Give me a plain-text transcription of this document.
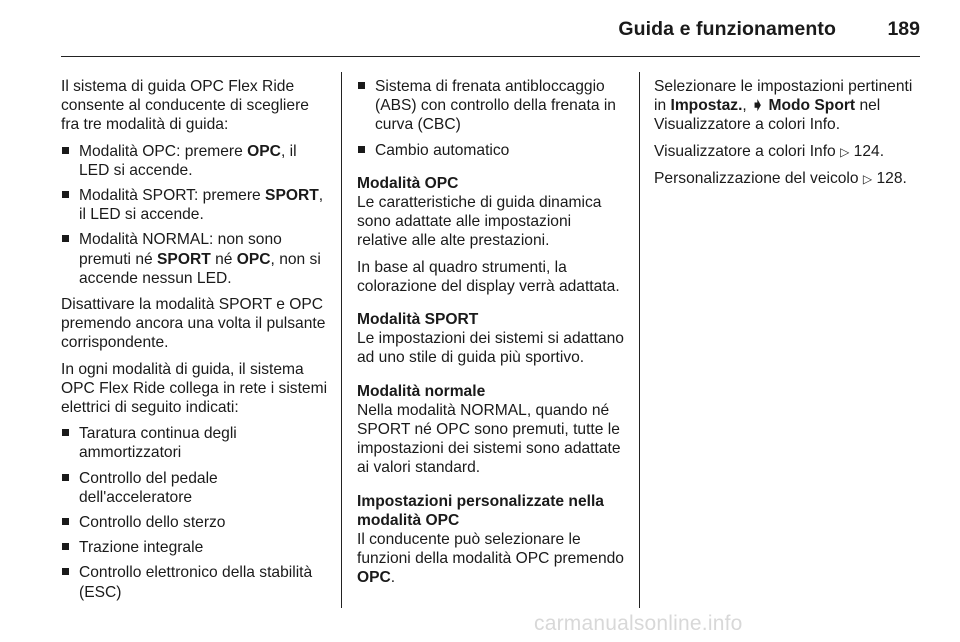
Guida e funzionamento	189

Il sistema di guida OPC Flex Ride consente al conducente di scegliere fra tre modalità di guida:

Modalità OPC: premere OPC, il LED si accende.
Modalità SPORT: premere SPORT, il LED si accende.
Modalità NORMAL: non sono premuti né SPORT né OPC, non si accende nessun LED.

Disattivare la modalità SPORT e OPC premendo ancora una volta il pulsante corrispondente.

In ogni modalità di guida, il sistema OPC Flex Ride collega in rete i sistemi elettrici di seguito indicati:

Taratura continua degli ammortizzatori
Controllo del pedale dell'acceleratore
Controllo dello sterzo
Trazione integrale
Controllo elettronico della stabilità (ESC)
Sistema di frenata antibloccaggio (ABS) con controllo della frenata in curva (CBC)
Cambio automatico
Modalità OPC

Le caratteristiche di guida dinamica sono adattate alle impostazioni relative alle alte prestazioni.

In base al quadro strumenti, la colorazione del display verrà adattata.

Modalità SPORT

Le impostazioni dei sistemi si adattano ad uno stile di guida più sportivo.

Modalità normale

Nella modalità NORMAL, quando né SPORT né OPC sono premuti, tutte le impostazioni dei sistemi sono adattate ai valori standard.

Impostazioni personalizzate nella modalità OPC

Il conducente può selezionare le funzioni della modalità OPC premendo OPC.

Selezionare le impostazioni pertinenti in Impostaz., ➧ Modo Sport nel Visualizzatore a colori Info.

Visualizzatore a colori Info ▷ 124.

Personalizzazione del veicolo ▷ 128.

carmanualsonline.info
